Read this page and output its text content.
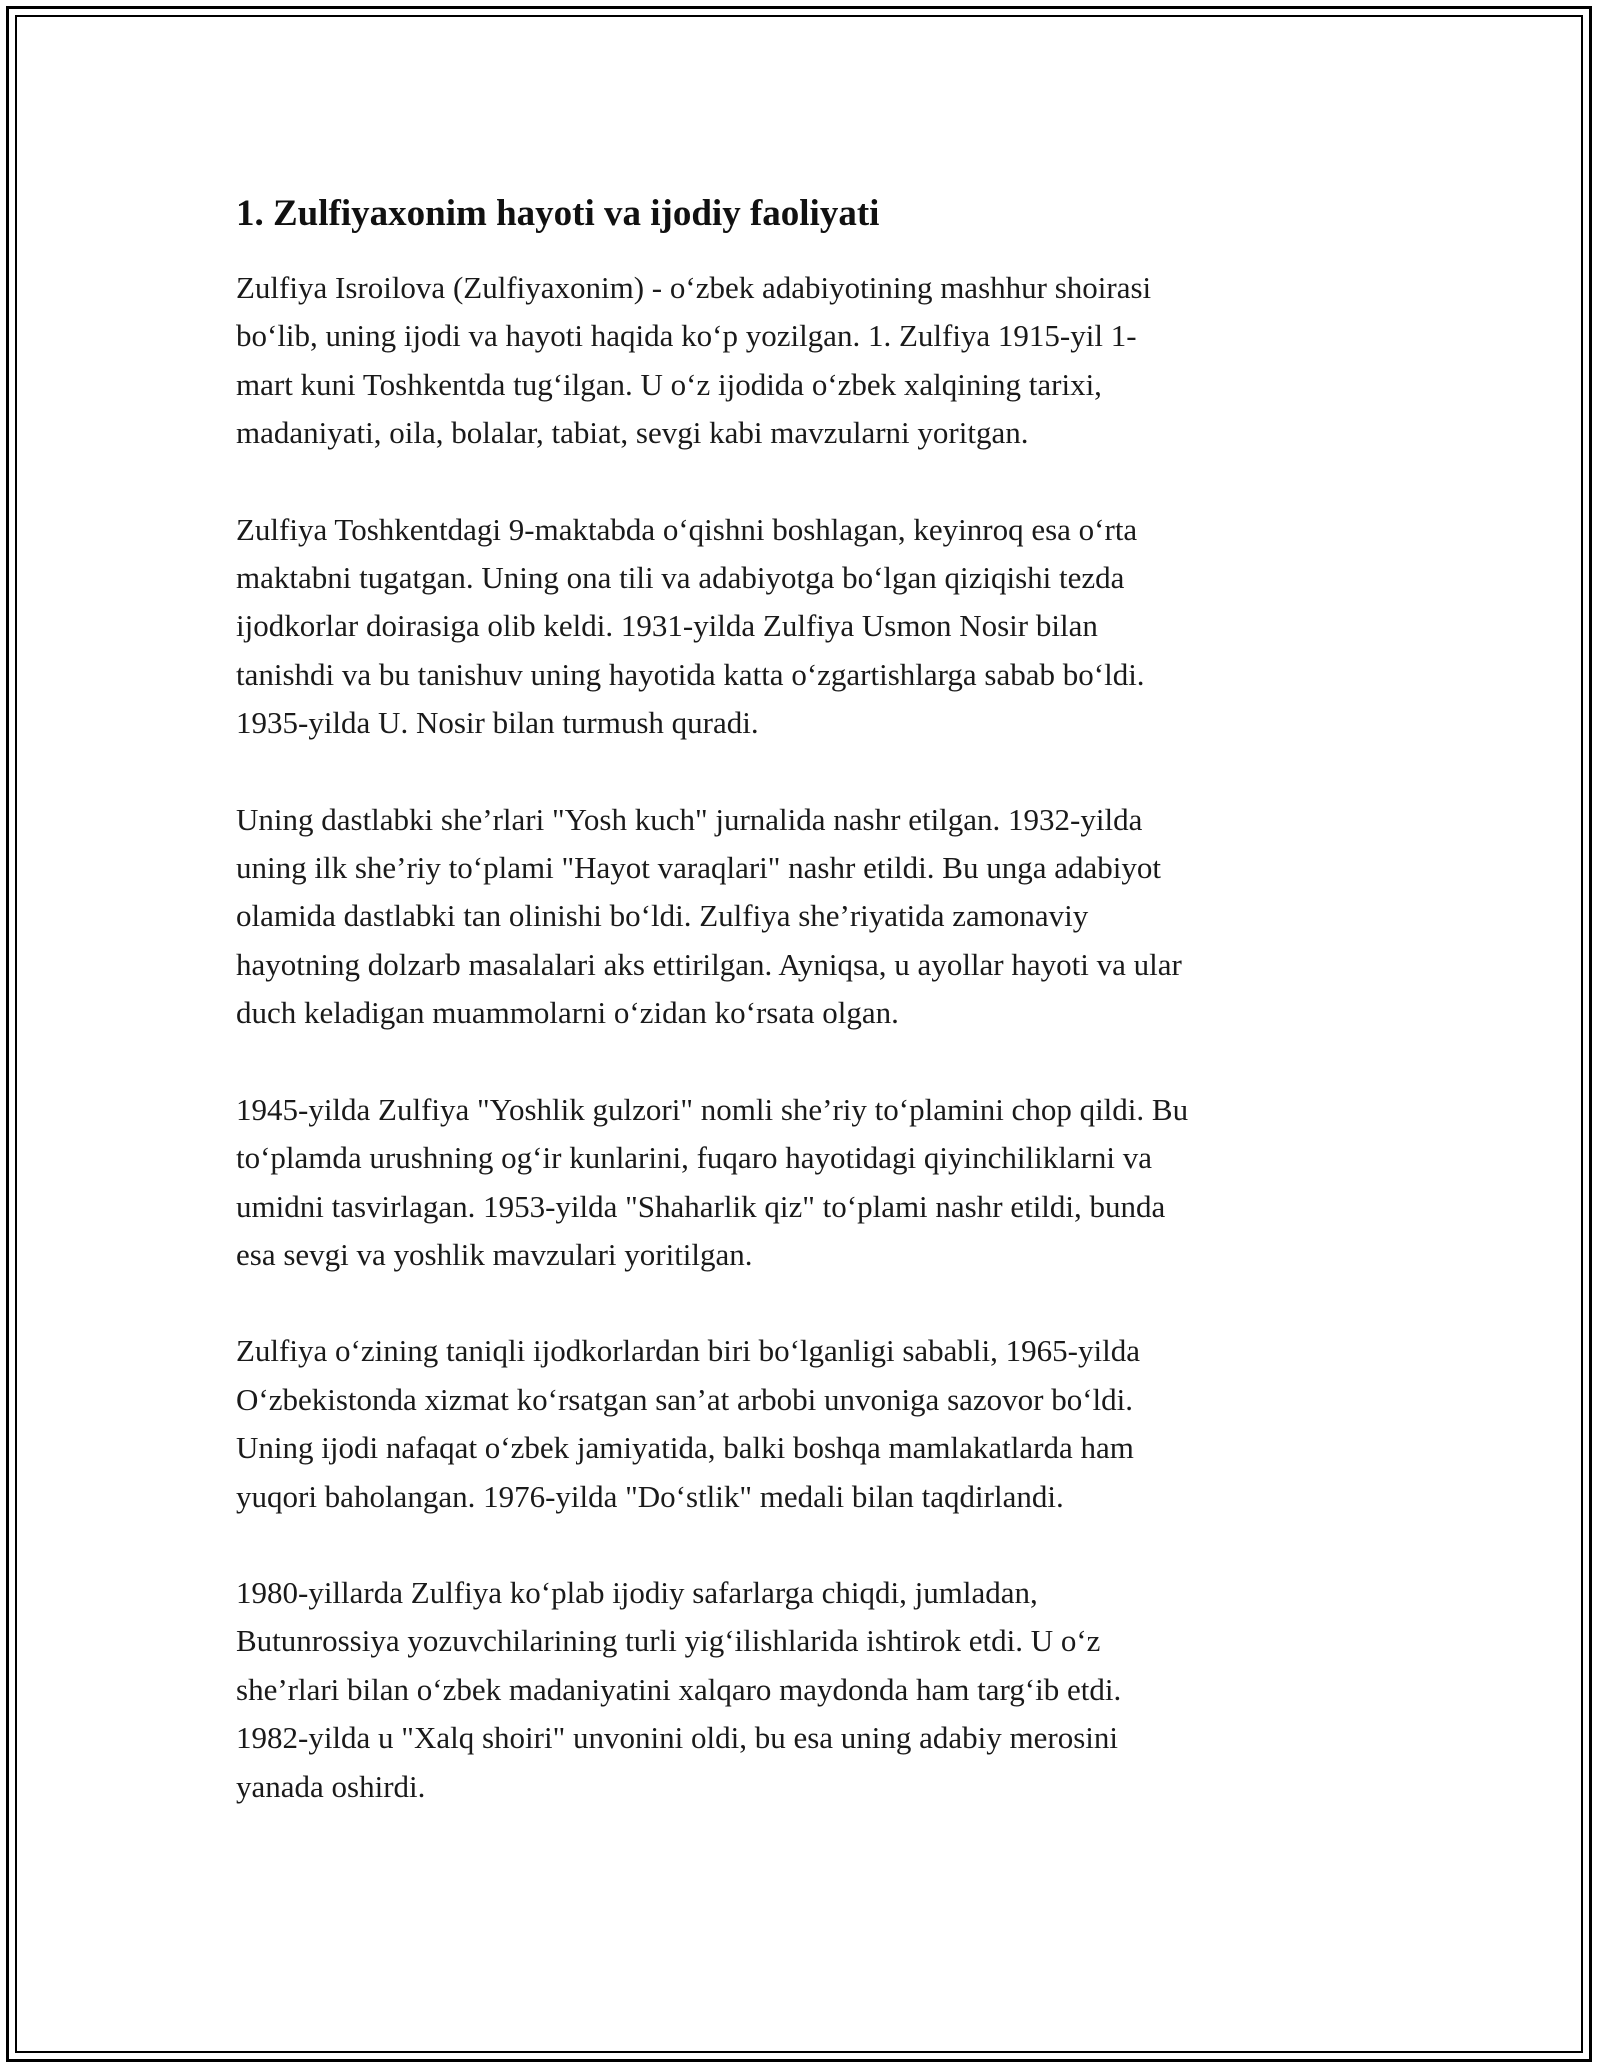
1. Zulfiyaxonim hayoti va ijodiy faoliyati

Zulfiya Isroilova (Zulfiyaxonim) - o‘zbek adabiyotining mashhur shoirasi
bo‘lib, uning ijodi va hayoti haqida ko‘p yozilgan. 1. Zulfiya 1915-yil 1-
mart kuni Toshkentda tug‘ilgan. U o‘z ijodida o‘zbek xalqining tarixi,
madaniyati, oila, bolalar, tabiat, sevgi kabi mavzularni yoritgan.

Zulfiya Toshkentdagi 9-maktabda o‘qishni boshlagan, keyinroq esa o‘rta
maktabni tugatgan. Uning ona tili va adabiyotga bo‘lgan qiziqishi tezda
ijodkorlar doirasiga olib keldi. 1931-yilda Zulfiya Usmon Nosir bilan
tanishdi va bu tanishuv uning hayotida katta o‘zgartishlarga sabab bo‘ldi.
1935-yilda U. Nosir bilan turmush quradi.

Uning dastlabki she’rlari "Yosh kuch" jurnalida nashr etilgan. 1932-yilda
uning ilk she’riy to‘plami "Hayot varaqlari" nashr etildi. Bu unga adabiyot
olamida dastlabki tan olinishi bo‘ldi. Zulfiya she’riyatida zamonaviy
hayotning dolzarb masalalari aks ettirilgan. Ayniqsa, u ayollar hayoti va ular
duch keladigan muammolarni o‘zidan ko‘rsata olgan.

1945-yilda Zulfiya "Yoshlik gulzori" nomli she’riy to‘plamini chop qildi. Bu
to‘plamda urushning og‘ir kunlarini, fuqaro hayotidagi qiyinchiliklarni va
umidni tasvirlagan. 1953-yilda "Shaharlik qiz" to‘plami nashr etildi, bunda
esa sevgi va yoshlik mavzulari yoritilgan.

Zulfiya o‘zining taniqli ijodkorlardan biri bo‘lganligi sababli, 1965-yilda
O‘zbekistonda xizmat ko‘rsatgan san’at arbobi unvoniga sazovor bo‘ldi.
Uning ijodi nafaqat o‘zbek jamiyatida, balki boshqa mamlakatlarda ham
yuqori baholangan. 1976-yilda "Do‘stlik" medali bilan taqdirlandi.

1980-yillarda Zulfiya ko‘plab ijodiy safarlarga chiqdi, jumladan,
Butunrossiya yozuvchilarining turli yig‘ilishlarida ishtirok etdi. U o‘z
she’rlari bilan o‘zbek madaniyatini xalqaro maydonda ham targ‘ib etdi.
1982-yilda u "Xalq shoiri" unvonini oldi, bu esa uning adabiy merosini
yanada oshirdi.
